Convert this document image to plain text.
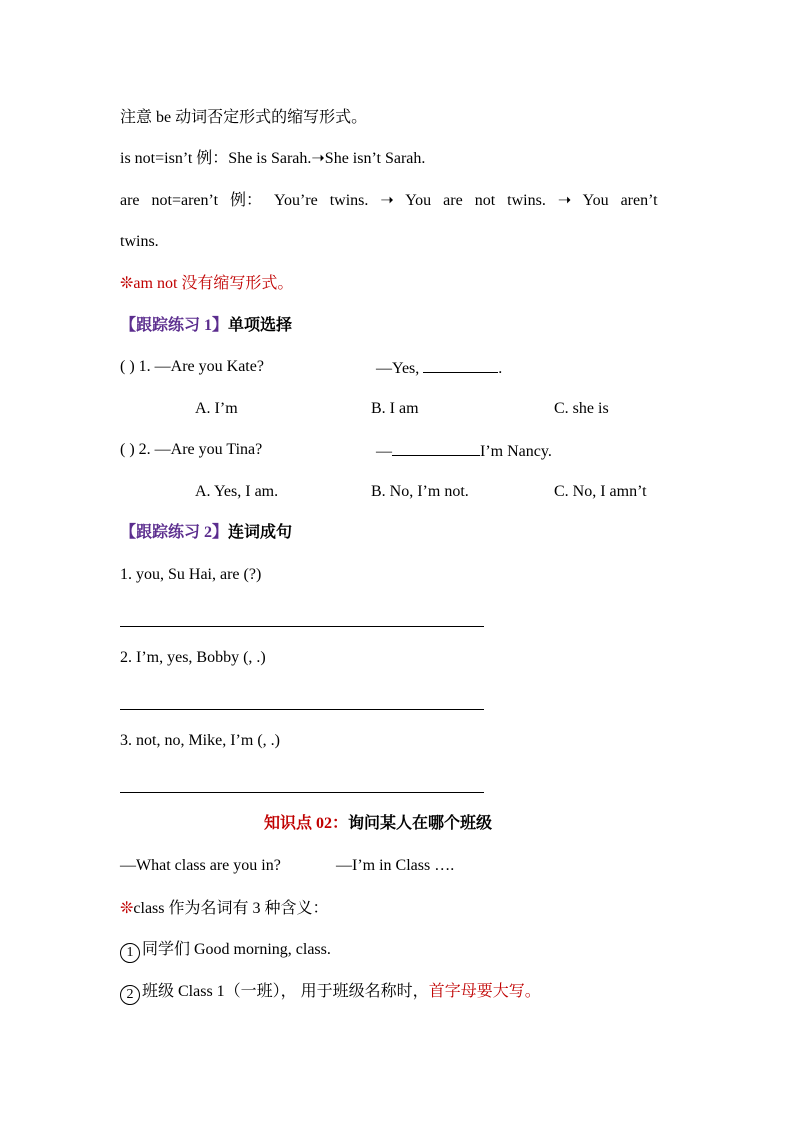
注意 be 动词否定形式的缩写形式。
is not=isn’t 例：She is Sarah.➝She isn’t Sarah.
are not=aren’t 例： You’re twins. ➝ You are not twins. ➝ You aren’t
twins.
❊am not 没有缩写形式。
【跟踪练习 1】单项选择
( ) 1. —Are you Kate?	—Yes,	.
A. I’m	B. I am	C. she is
( ) 2. —Are you Tina?	—	I’m Nancy.
A. Yes, I am.	B. No, I’m not.	C. No, I amn’t
【跟踪练习 2】连词成句
1. you, Su Hai, are (?)
2. I’m, yes, Bobby (, .)
3. not, no, Mike, I’m (, .)
知识点 02：询问某人在哪个班级
—What class are you in?	—I’m in Class ….
❊class 作为名词有 3 种含义：
1 同学们 Good morning, class.
2 班级 Class 1（一班）， 用于班级名称时，首字母要大写。
